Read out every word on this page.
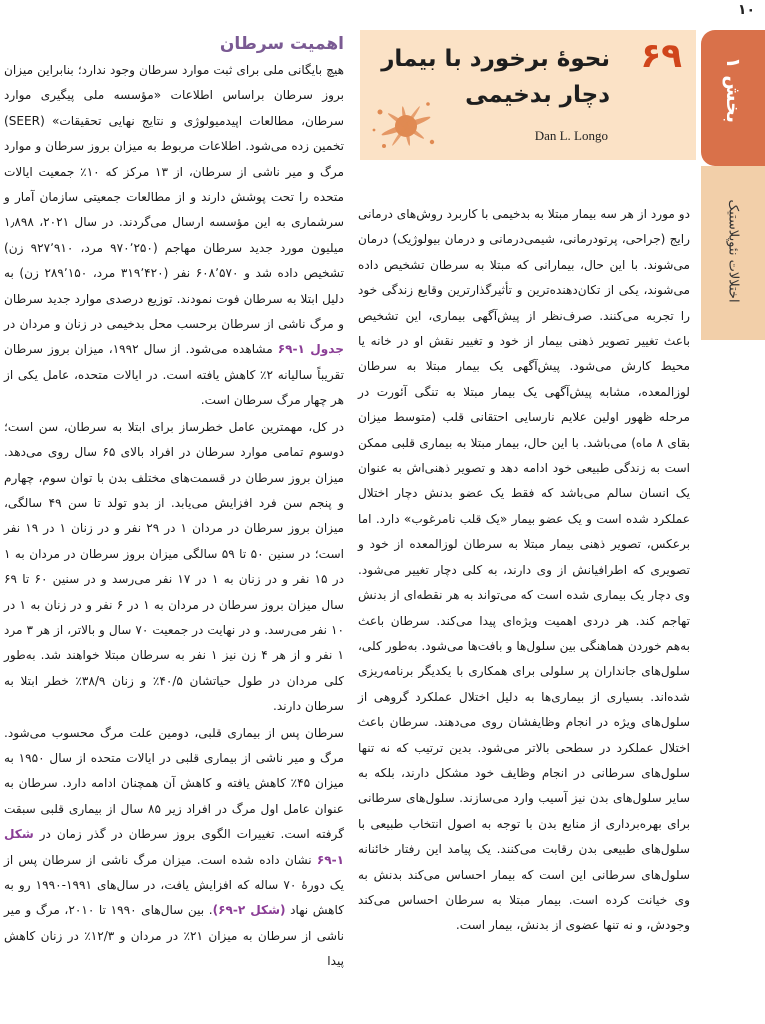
۱۰
بخش ۱
اختلالات نئوپلاستیک
۶۹
نحوهٔ برخورد با بیمار دچار بدخیمی
Dan L. Longo

دو مورد از هر سه بیمار مبتلا به بدخیمی با کاربرد روش‌های درمانی رایج (جراحی، پرتودرمانی، شیمی‌درمانی و درمان بیولوژیک) درمان می‌شوند. با این حال، بیمارانی که مبتلا به سرطان تشخیص داده می‌شوند، یکی از تکان‌دهنده‌ترین و تأثیرگذارترین وقایع زندگی خود را تجربه می‌کنند. صرف‌نظر از پیش‌آگهی بیماری، این تشخیص باعث تغییر تصویر ذهنی بیمار از خود و تغییر نقش او در خانه یا محیط کارش می‌شود. پیش‌آگهی یک بیمار مبتلا به سرطان لوزالمعده، مشابه پیش‌آگهی یک بیمار مبتلا به تنگی آئورت در مرحله ظهور اولین علایم نارسایی احتقانی قلب (متوسط میزان بقای ۸ ماه) می‌باشد. با این حال، بیمار مبتلا به بیماری قلبی ممکن است به زندگی طبیعی خود ادامه دهد و تصویر ذهنی‌اش به عنوان یک انسان سالم می‌باشد که فقط یک عضو بدنش دچار اختلال عملکرد شده است و یک عضو بیمار «یک قلب نامرغوب» دارد. اما برعکس، تصویر ذهنی بیمار مبتلا به سرطان لوزالمعده از خود و تصویری که اطرافیانش از وی دارند، به کلی دچار تغییر می‌شود. وی دچار یک بیماری شده است که می‌تواند به هر نقطه‌ای از بدنش تهاجم کند. هر دردی اهمیت ویژه‌ای پیدا می‌کند. سرطان باعث به‌هم خوردن هماهنگی بین سلول‌ها و بافت‌ها می‌شود. به‌طور کلی، سلول‌های جانداران پر سلولی برای همکاری با یکدیگر برنامه‌ریزی شده‌اند. بسیاری از بیماری‌ها به دلیل اختلال عملکرد گروهی از سلول‌های ویژه در انجام وظایفشان روی می‌دهند. سرطان باعث اختلال عملکرد در سطحی بالاتر می‌شود. بدین ترتیب که نه تنها سلول‌های سرطانی در انجام وظایف خود مشکل دارند، بلکه به سایر سلول‌های بدن نیز آسیب وارد می‌سازند. سلول‌های سرطانی برای بهره‌برداری از منابع بدن با توجه به اصول انتخاب طبیعی با سلول‌های طبیعی بدن رقابت می‌کنند. یک پیامد این رفتار خائنانه سلول‌های سرطانی این است که بیمار احساس می‌کند بدنش به وی خیانت کرده است. بیمار مبتلا به سرطان احساس می‌کند وجودش، و نه تنها عضوی از بدنش، بیمار است.

اهمیت سرطان

هیچ بایگانی ملی برای ثبت موارد سرطان وجود ندارد؛ بنابراین میزان بروز سرطان براساس اطلاعات «مؤسسه ملی پیگیری موارد سرطان، مطالعات اپیدمیولوژی و نتایج نهایی تحقیقات» (SEER) تخمین زده می‌شود. اطلاعات مربوط به میزان بروز سرطان و موارد مرگ و میر ناشی از سرطان، از ۱۳ مرکز که ۱۰٪ جمعیت ایالات متحده را تحت پوشش دارند و از مطالعات جمعیتی سازمان آمار و سرشماری به این مؤسسه ارسال می‌گردند. در سال ۲۰۲۱، ۱٫۸۹۸ میلیون مورد جدید سرطان مهاجم (۹۷۰٬۲۵۰ مرد، ۹۲۷٬۹۱۰ زن) تشخیص داده شد و ۶۰۸٬۵۷۰ نفر (۳۱۹٬۴۲۰ مرد، ۲۸۹٬۱۵۰ زن) به دلیل ابتلا به سرطان فوت نمودند. توزیع درصدی موارد جدید سرطان و مرگ ناشی از سرطان برحسب محل بدخیمی در زنان و مردان در جدول ۱-۶۹ مشاهده می‌شود. از سال ۱۹۹۲، میزان بروز سرطان تقریباً سالیانه ۲٪ کاهش یافته است. در ایالات متحده، عامل یکی از هر چهار مرگ سرطان است.

در کل، مهمترین عامل خطرساز برای ابتلا به سرطان، سن است؛ دوسوم تمامی موارد سرطان در افراد بالای ۶۵ سال روی می‌دهد. میزان بروز سرطان در قسمت‌های مختلف بدن با توان سوم، چهارم و پنجم سن فرد افزایش می‌یابد. از بدو تولد تا سن ۴۹ سالگی، میزان بروز سرطان در مردان ۱ در ۲۹ نفر و در زنان ۱ در ۱۹ نفر است؛ در سنین ۵۰ تا ۵۹ سالگی میزان بروز سرطان در مردان به ۱ در ۱۵ نفر و در زنان به ۱ در ۱۷ نفر می‌رسد و در سنین ۶۰ تا ۶۹ سال میزان بروز سرطان در مردان به ۱ در ۶ نفر و در زنان به ۱ در ۱۰ نفر می‌رسد. و در نهایت در جمعیت ۷۰ سال و بالاتر، از هر ۳ مرد ۱ نفر و از هر ۴ زن نیز ۱ نفر به سرطان مبتلا خواهند شد. به‌طور کلی مردان در طول حیاتشان ۴۰/۵٪ و زنان ۳۸/۹٪ خطر ابتلا به سرطان دارند.

سرطان پس از بیماری قلبی، دومین علت مرگ محسوب می‌شود. مرگ و میر ناشی از بیماری قلبی در ایالات متحده از سال ۱۹۵۰ به میزان ۴۵٪ کاهش یافته و کاهش آن همچنان ادامه دارد. سرطان به عنوان عامل اول مرگ در افراد زیر ۸۵ سال از بیماری قلبی سبقت گرفته است. تغییرات الگوی بروز سرطان در گذر زمان در شکل ۱-۶۹ نشان داده شده است. میزان مرگ ناشی از سرطان پس از یک دورهٔ ۷۰ ساله که افزایش یافت، در سال‌های ۱۹۹۱-۱۹۹۰ رو به کاهش نهاد (شکل ۲-۶۹). بین سال‌های ۱۹۹۰ تا ۲۰۱۰، مرگ و میر ناشی از سرطان به میزان ۲۱٪ در مردان و ۱۲/۳٪ در زنان کاهش پیدا
